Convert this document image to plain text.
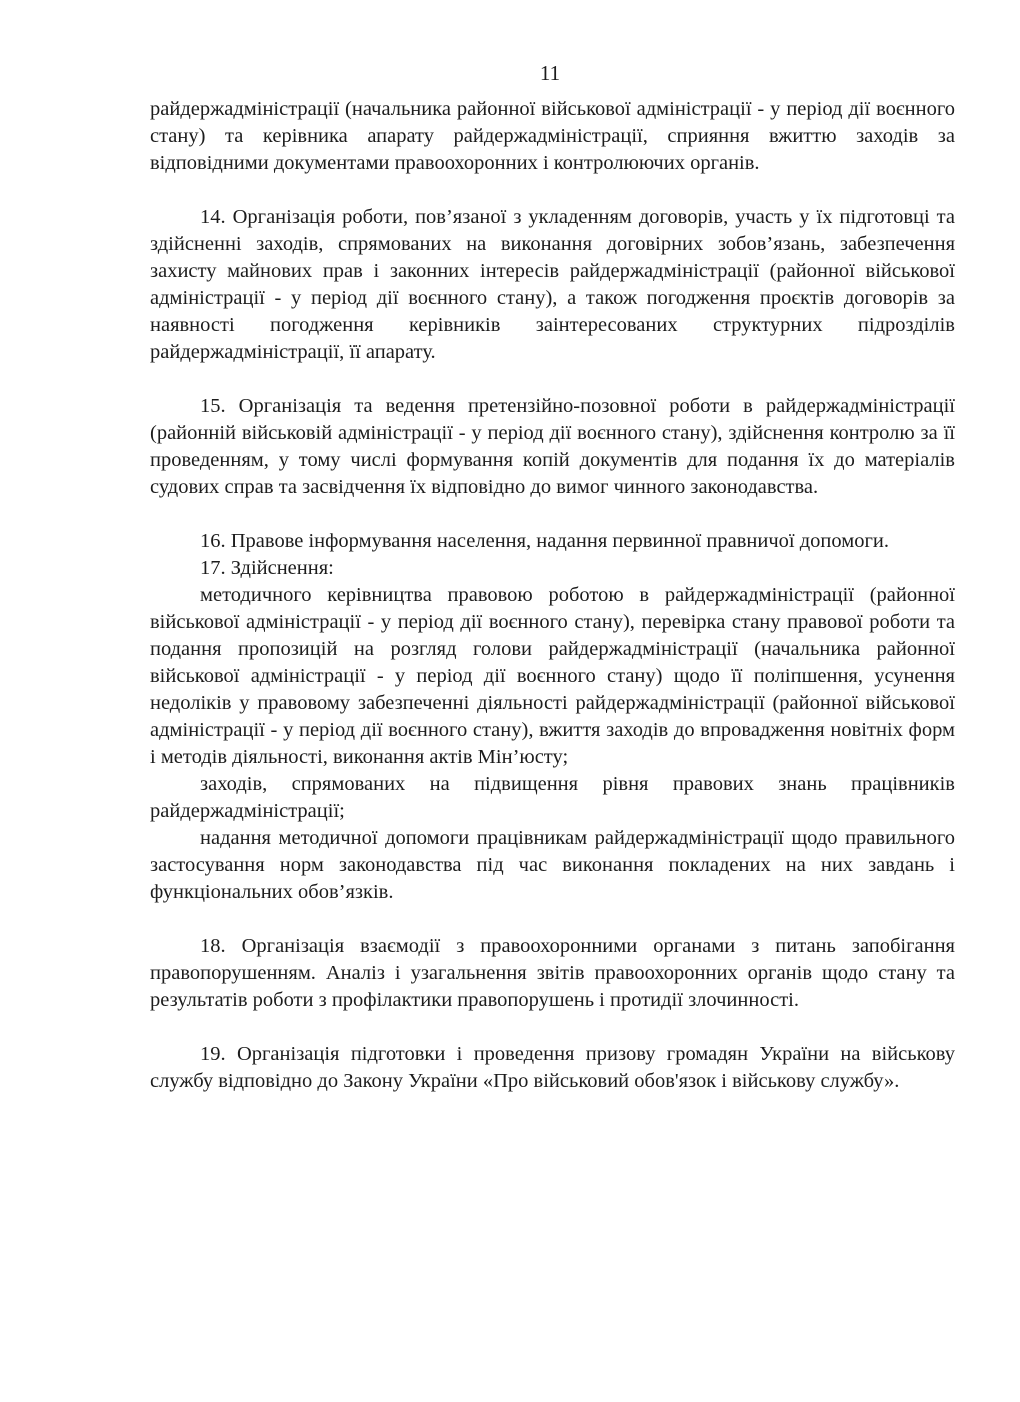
11

райдержадміністрації (начальника районної військової адміністрації - у період дії воєнного стану) та керівника апарату райдержадміністрації, сприяння вжиттю заходів за відповідними документами правоохоронних і контролюючих органів.

14. Організація роботи, пов’язаної з укладенням договорів, участь у їх підготовці та здійсненні заходів, спрямованих на виконання договірних зобов’язань, забезпечення захисту майнових прав і законних інтересів райдержадміністрації (районної військової адміністрації - у період дії воєнного стану), а також погодження проєктів договорів за наявності погодження керівників заінтересованих структурних підрозділів райдержадміністрації, її апарату.

15. Організація та ведення претензійно-позовної роботи в райдержадміністрації (районній військовій адміністрації - у період дії воєнного стану), здійснення контролю за її проведенням, у тому числі формування копій документів для подання їх до матеріалів судових справ та засвідчення їх відповідно до вимог чинного законодавства.

16. Правове інформування населення, надання первинної правничої допомоги.

17. Здійснення:

методичного керівництва правовою роботою в райдержадміністрації (районної військової адміністрації - у період дії воєнного стану), перевірка стану правової роботи та подання пропозицій на розгляд голови райдержадміністрації (начальника районної військової адміністрації - у період дії воєнного стану) щодо її поліпшення, усунення недоліків у правовому забезпеченні діяльності райдержадміністрації (районної військової адміністрації - у період дії воєнного стану), вжиття заходів до впровадження новітніх форм і методів діяльності, виконання актів Мін’юсту;

заходів, спрямованих на підвищення рівня правових знань працівників райдержадміністрації;

надання методичної допомоги працівникам райдержадміністрації щодо правильного застосування норм законодавства під час виконання покладених на них завдань і функціональних обов’язків.

18. Організація взаємодії з правоохоронними органами з питань запобігання правопорушенням. Аналіз і узагальнення звітів правоохоронних органів щодо стану та результатів роботи з профілактики правопорушень і протидії злочинності.

19. Організація підготовки і проведення призову громадян України на військову службу відповідно до Закону України «Про військовий обов'язок і військову службу».
